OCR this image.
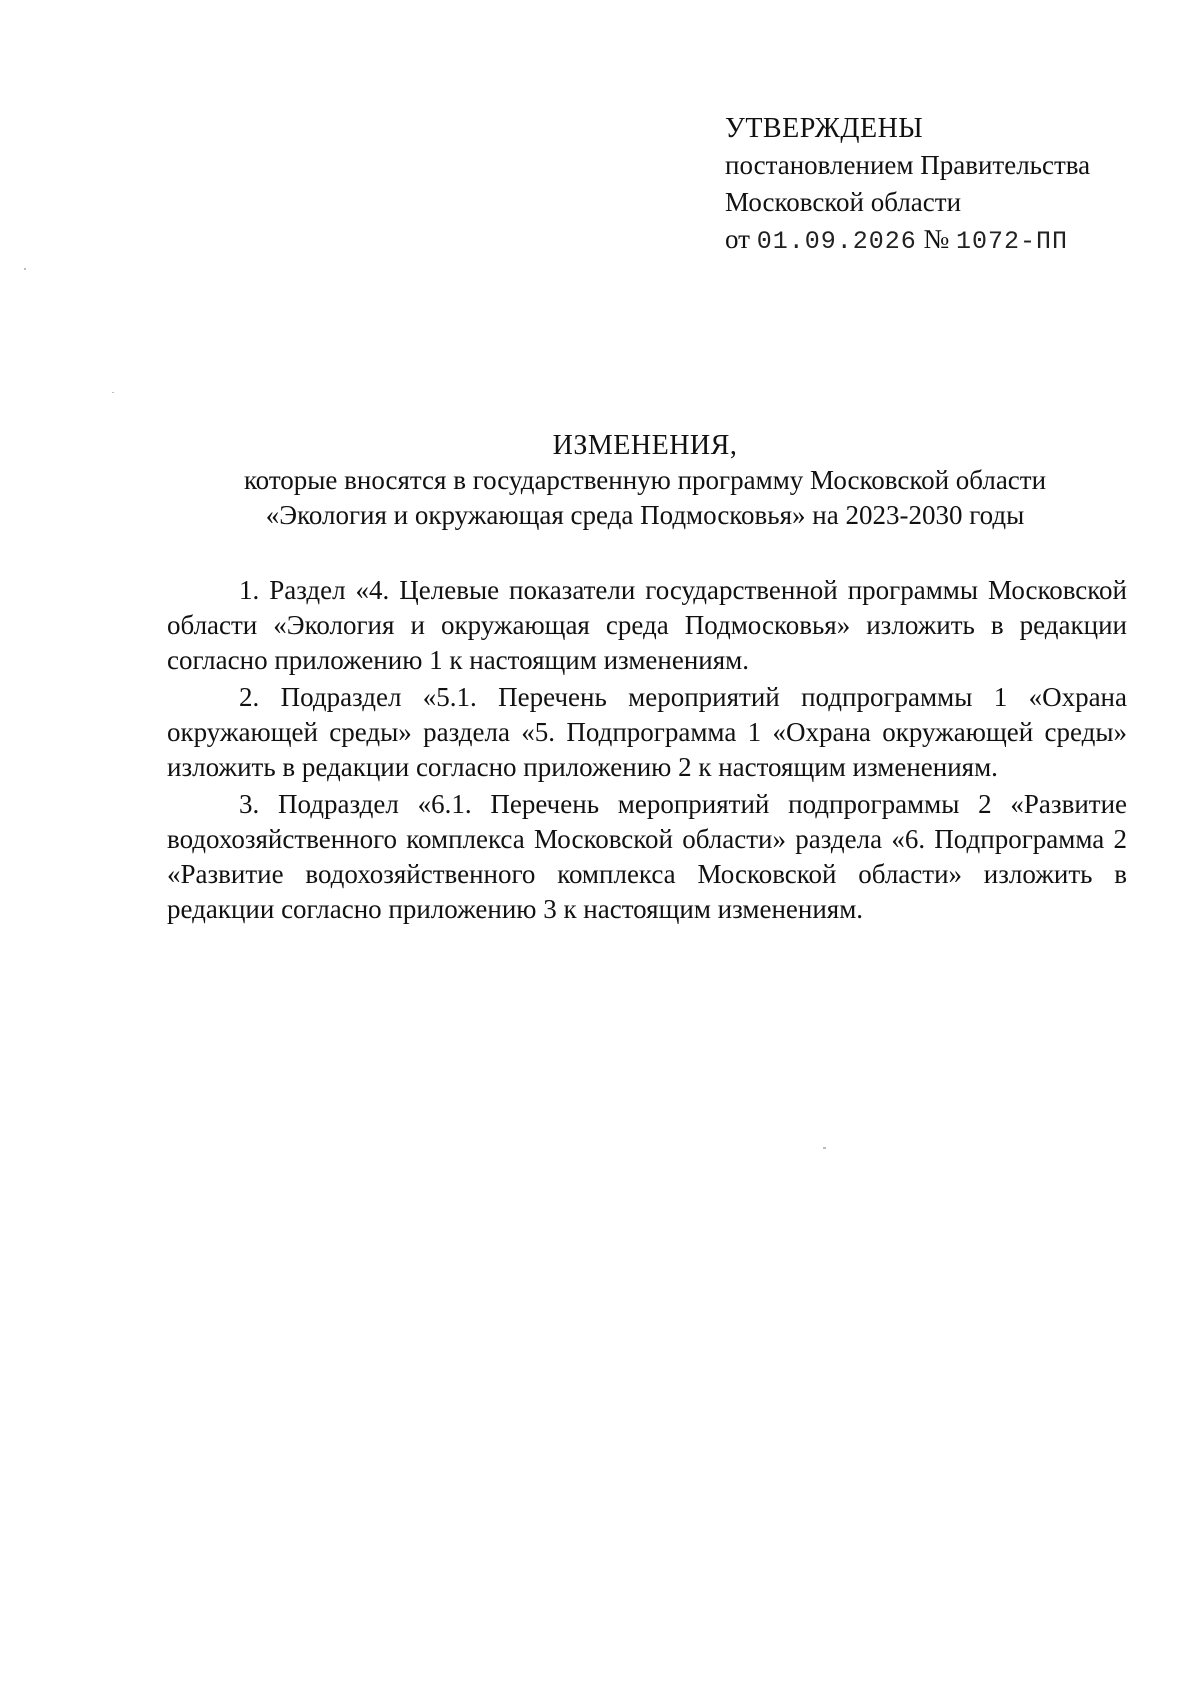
УТВЕРЖДЕНЫ
постановлением Правительства
Московской области
от 01.09.2026 № 1072-ПП
ИЗМЕНЕНИЯ,
которые вносятся в государственную программу Московской области
«Экология и окружающая среда Подмосковья» на 2023-2030 годы

1. Раздел «4. Целевые показатели государственной программы Московской области «Экология и окружающая среда Подмосковья» изложить в редакции согласно приложению 1 к настоящим изменениям.

2. Подраздел «5.1. Перечень мероприятий подпрограммы 1 «Охрана окружающей среды» раздела «5. Подпрограмма 1 «Охрана окружающей среды» изложить в редакции согласно приложению 2 к настоящим изменениям.

3. Подраздел «6.1. Перечень мероприятий подпрограммы 2 «Развитие водохозяйственного комплекса Московской области» раздела «6. Подпрограмма 2 «Развитие водохозяйственного комплекса Московской области» изложить в редакции согласно приложению 3 к настоящим изменениям.
